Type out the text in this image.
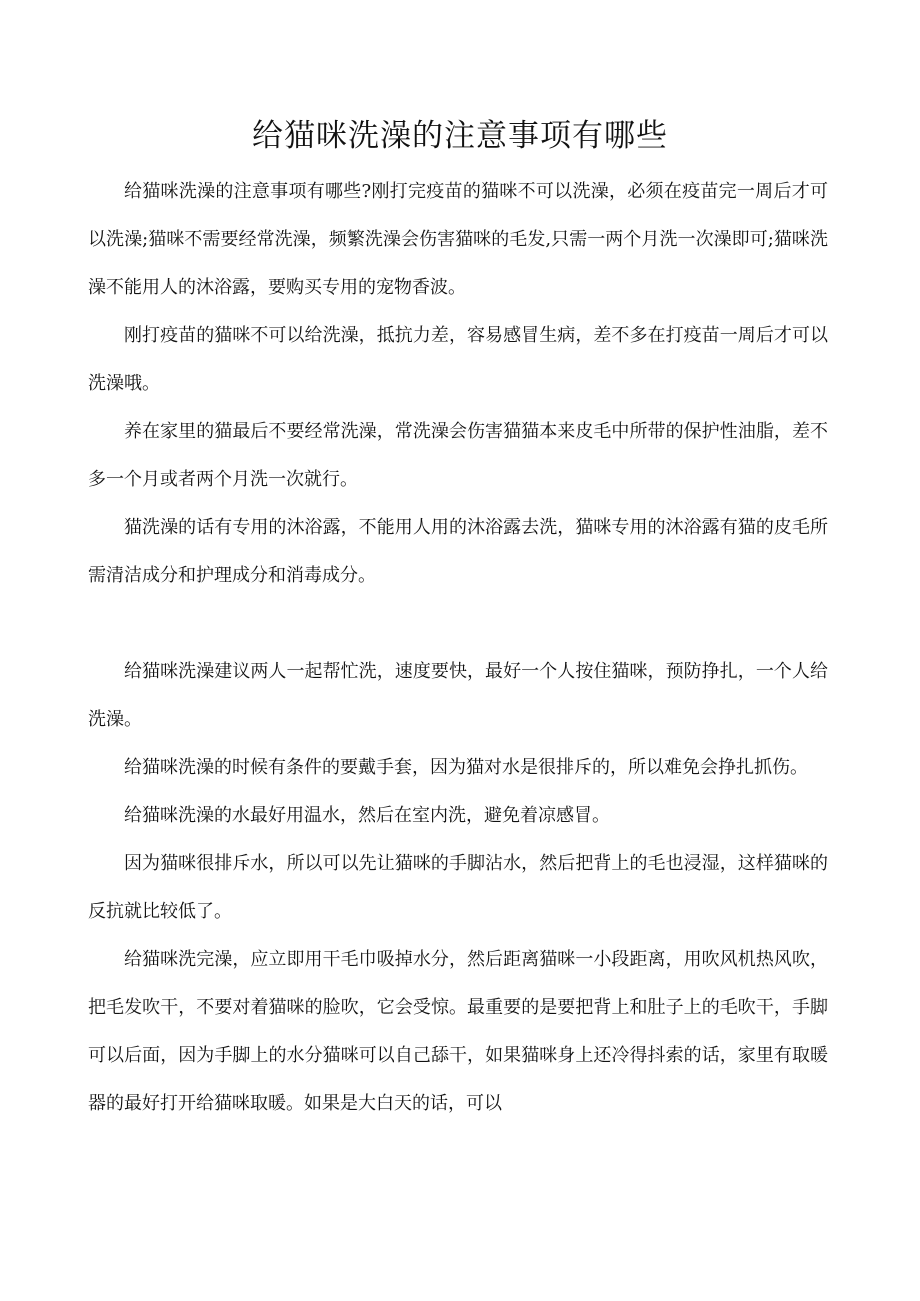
给猫咪洗澡的注意事项有哪些

给猫咪洗澡的注意事项有哪些?刚打完疫苗的猫咪不可以洗澡，必须在疫苗完一周后才可以洗澡;猫咪不需要经常洗澡，频繁洗澡会伤害猫咪的毛发,只需一两个月洗一次澡即可;猫咪洗澡不能用人的沐浴露，要购买专用的宠物香波。

刚打疫苗的猫咪不可以给洗澡，抵抗力差，容易感冒生病，差不多在打疫苗一周后才可以洗澡哦。

养在家里的猫最后不要经常洗澡，常洗澡会伤害猫猫本来皮毛中所带的保护性油脂，差不多一个月或者两个月洗一次就行。

猫洗澡的话有专用的沐浴露，不能用人用的沐浴露去洗，猫咪专用的沐浴露有猫的皮毛所需清洁成分和护理成分和消毒成分。

给猫咪洗澡建议两人一起帮忙洗，速度要快，最好一个人按住猫咪，预防挣扎，一个人给洗澡。

给猫咪洗澡的时候有条件的要戴手套，因为猫对水是很排斥的，所以难免会挣扎抓伤。

给猫咪洗澡的水最好用温水，然后在室内洗，避免着凉感冒。

因为猫咪很排斥水，所以可以先让猫咪的手脚沾水，然后把背上的毛也浸湿，这样猫咪的反抗就比较低了。

给猫咪洗完澡，应立即用干毛巾吸掉水分，然后距离猫咪一小段距离，用吹风机热风吹，把毛发吹干，不要对着猫咪的脸吹，它会受惊。最重要的是要把背上和肚子上的毛吹干，手脚可以后面，因为手脚上的水分猫咪可以自己舔干，如果猫咪身上还冷得抖索的话，家里有取暖器的最好打开给猫咪取暖。如果是大白天的话，可以
